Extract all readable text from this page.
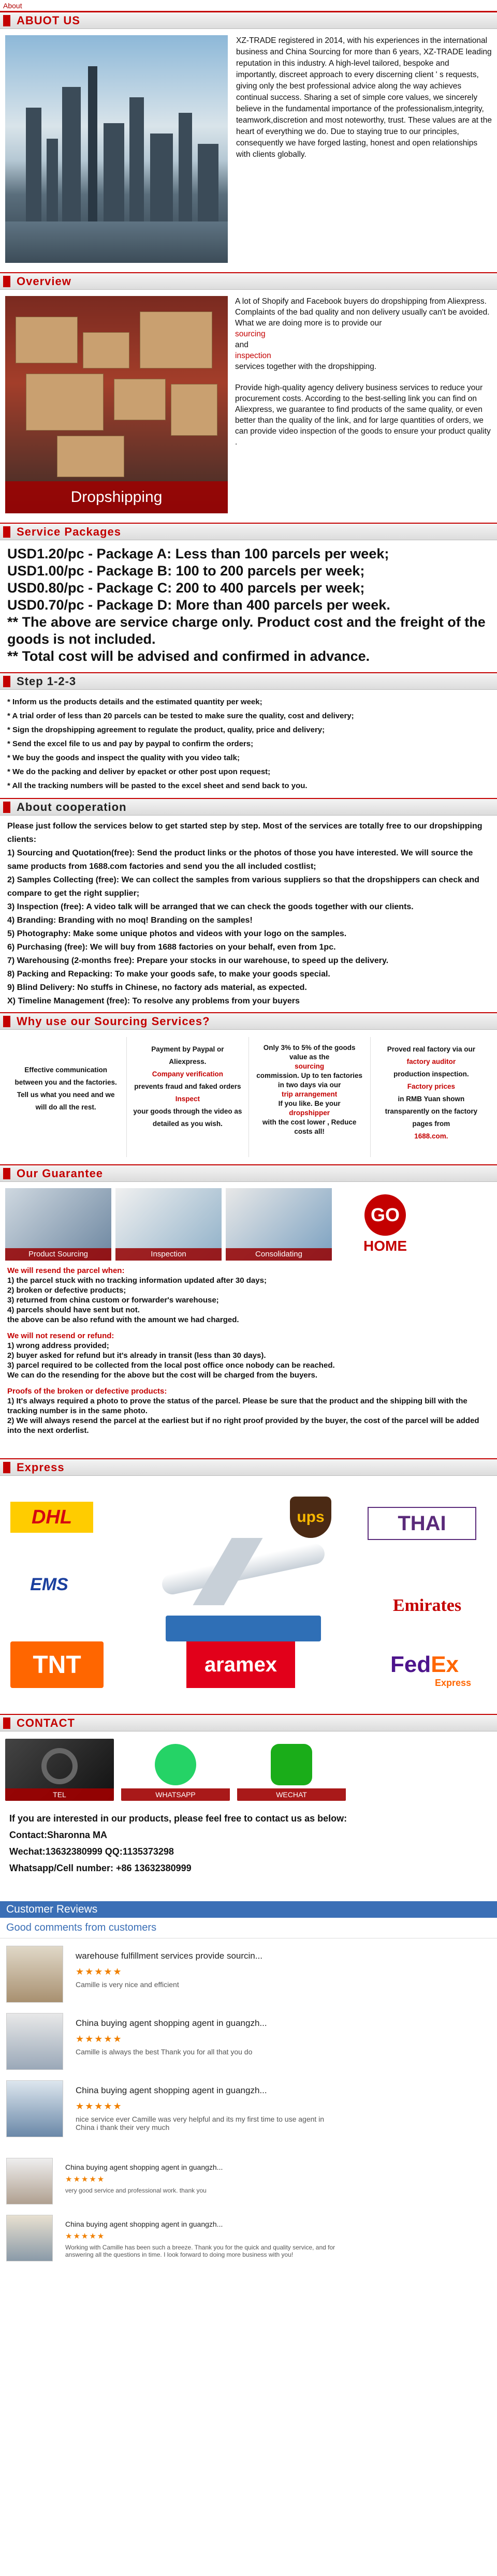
About
ABUOT US
XZ-TRADE registered in 2014, with his experiences in the international business and China Sourcing for more than 6 years, XZ-TRADE leading reputation in this industry. A high-level tailored, bespoke and importantly, discreet approach to every discerning client ' s requests, giving only the best professional advice along the way achieves continual success. Sharing a set of simple core values, we sincerely believe in the fundamental importance of the professionalism,integrity, teamwork,discretion and most noteworthy, trust. These values are at the heart of everything we do. Due to staying true to our principles, consequently we have forged lasting, honest and open relationships with clients globally.
Overview
Dropshipping
A lot of Shopify and Facebook buyers do dropshipping from Aliexpress. Complaints of the bad quality and non delivery usually can't be avoided. What we are doing more is to provide our
sourcing
and
inspection
services together with the dropshipping.
Provide high-quality agency delivery business services to reduce your procurement costs. According to the best-selling link you can find on Aliexpress, we guarantee to find products of the same quality, or even better than the quality of the link, and for large quantities of orders, we can provide video inspection of the goods to ensure your product quality .
Service Packages
USD1.20/pc - Package A: Less than 100 parcels per week;
USD1.00/pc - Package B: 100 to 200 parcels per week;
USD0.80/pc - Package C: 200 to 400 parcels per week;
USD0.70/pc - Package D: More than 400 parcels per week.
** The above are service charge only. Product cost and the freight of the goods is not included.
** Total cost will be advised and confirmed in advance.
Step 1-2-3
* Inform us the products details and the estimated quantity per week;
* A trial order of less than 20 parcels can be tested to make sure the quality, cost and delivery;
* Sign the dropshipping agreement to regulate the product, quality, price and delivery;
* Send the excel file to us and pay by paypal to confirm the orders;
* We buy the goods and inspect the quality with you video talk;
* We do the packing and deliver by epacket or other post upon request;
* All the tracking numbers will be pasted to the excel sheet and send back to you.
About cooperation
Please just follow the services below to get started step by step. Most of the services are totally free to our dropshipping clients:
1) Sourcing and Quotation(free): Send the product links or the photos of those you have interested. We will source the same products from 1688.com factories and send you the all included costlist;
2) Samples Collecting (free): We can collect the samples from various suppliers so that the dropshippers can check and compare to get the right supplier;
3) Inspection (free): A video talk will be arranged that we can check the goods together with our clients.
4) Branding: Branding with no moq! Branding on the samples!
5) Photography: Make some unique photos and videos with your logo on the samples.
6) Purchasing (free): We will buy from 1688 factories on your behalf, even from 1pc.
7) Warehousing (2-months free): Prepare your stocks in our warehouse, to speed up the delivery.
8) Packing and Repacking: To make your goods safe, to make your goods special.
9) Blind Delivery: No stuffs in Chinese, no factory ads material, as expected.
X) Timeline Management (free): To resolve any problems from your buyers
Why use our Sourcing Services?
Effective communication between you and the factories. Tell us what you need and we will do all the rest.
Payment by Paypal or Aliexpress.
Company verification
prevents fraud and faked orders
Inspect
your goods through the video as detailed as you wish.
Only 3% to 5% of the goods value as the
sourcing
commission. Up to ten factories in two days via our
trip arrangement
If you like. Be your
dropshipper
with the cost lower , Reduce costs all!
Proved real factory via our
factory auditor
production inspection.
Factory prices
in RMB Yuan shown transparently on the factory pages from
1688.com.
Our Guarantee
Product Sourcing	Inspection	Consolidating
GO
HOME
We will resend the parcel when:
1) the parcel stuck with no tracking information updated after 30 days;
2) broken or defective products;
3) returned from china custom or forwarder's warehouse;
4) parcels should have sent but not.
the above can be also refund with the amount we had charged.
We will not resend or refund:
1) wrong address provided;
2) buyer asked for refund but it's already in transit (less than 30 days).
3) parcel required to be collected from the local post office once nobody can be reached.
We can do the resending for the above but the cost will be charged from the buyers.
Proofs of the broken or defective products:
1) It's always required a photo to prove the status of the parcel. Please be sure that the product and the shipping bill with the tracking number is in the same photo.
2) We will always resend the parcel at the earliest but if no right proof provided by the buyer, the cost of the parcel will be added into the next orderlist.
Express
DHL	ups	THAI
EMS
Emirates
TNT	aramex	FedEx
Express
CONTACT
TEL	WHATSAPP	WECHAT
If you are interested in our products, please feel free to contact us as below:
Contact:Sharonna MA
Wechat:13632380999 QQ:1135373298
Whatsapp/Cell number: +86 13632380999
Customer Reviews
Good comments from customers
warehouse fulfillment services provide sourcin...
★★★★★
Camille is very nice and efficient
China buying agent shopping agent in guangzh...
★★★★★
Camille is always the best Thank you for all that you do
China buying agent shopping agent in guangzh...
★★★★★
nice service ever Camille was very helpful and its my first time to use agent in China i thank their very much
China buying agent shopping agent in guangzh...
★★★★★
very good service and professional work. thank you
China buying agent shopping agent in guangzh...
★★★★★
Working with Camille has been such a breeze. Thank you for the quick and quality service, and for answering all the questions in time. I look forward to doing more business with you!
